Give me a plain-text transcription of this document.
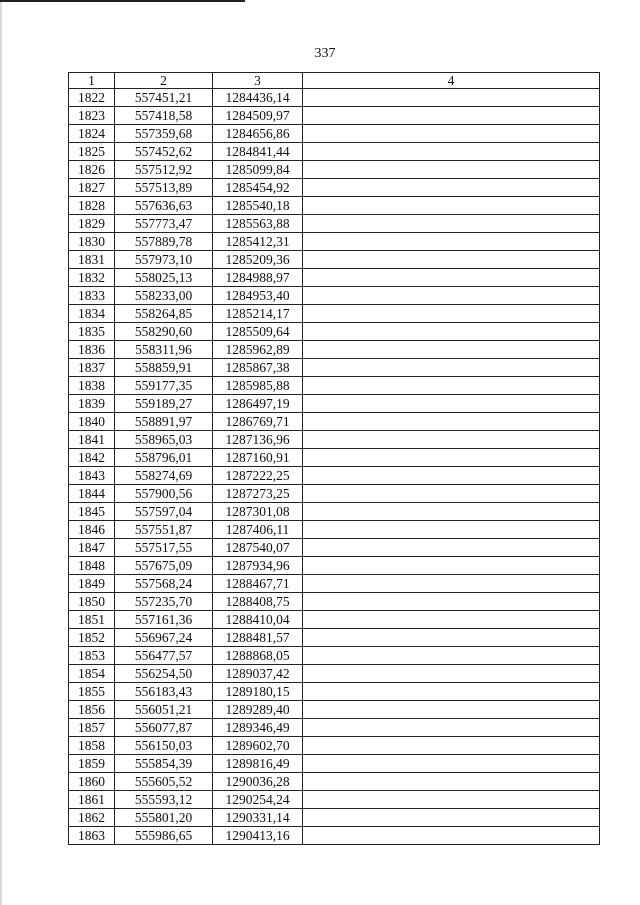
337
1	2	3	4
1822	557451,21	1284436,14	
1823	557418,58	1284509,97	
1824	557359,68	1284656,86	
1825	557452,62	1284841,44	
1826	557512,92	1285099,84	
1827	557513,89	1285454,92	
1828	557636,63	1285540,18	
1829	557773,47	1285563,88	
1830	557889,78	1285412,31	
1831	557973,10	1285209,36	
1832	558025,13	1284988,97	
1833	558233,00	1284953,40	
1834	558264,85	1285214,17	
1835	558290,60	1285509,64	
1836	558311,96	1285962,89	
1837	558859,91	1285867,38	
1838	559177,35	1285985,88	
1839	559189,27	1286497,19	
1840	558891,97	1286769,71	
1841	558965,03	1287136,96	
1842	558796,01	1287160,91	
1843	558274,69	1287222,25	
1844	557900,56	1287273,25	
1845	557597,04	1287301,08	
1846	557551,87	1287406,11	
1847	557517,55	1287540,07	
1848	557675,09	1287934,96	
1849	557568,24	1288467,71	
1850	557235,70	1288408,75	
1851	557161,36	1288410,04	
1852	556967,24	1288481,57	
1853	556477,57	1288868,05	
1854	556254,50	1289037,42	
1855	556183,43	1289180,15	
1856	556051,21	1289289,40	
1857	556077,87	1289346,49	
1858	556150,03	1289602,70	
1859	555854,39	1289816,49	
1860	555605,52	1290036,28	
1861	555593,12	1290254,24	
1862	555801,20	1290331,14	
1863	555986,65	1290413,16	
